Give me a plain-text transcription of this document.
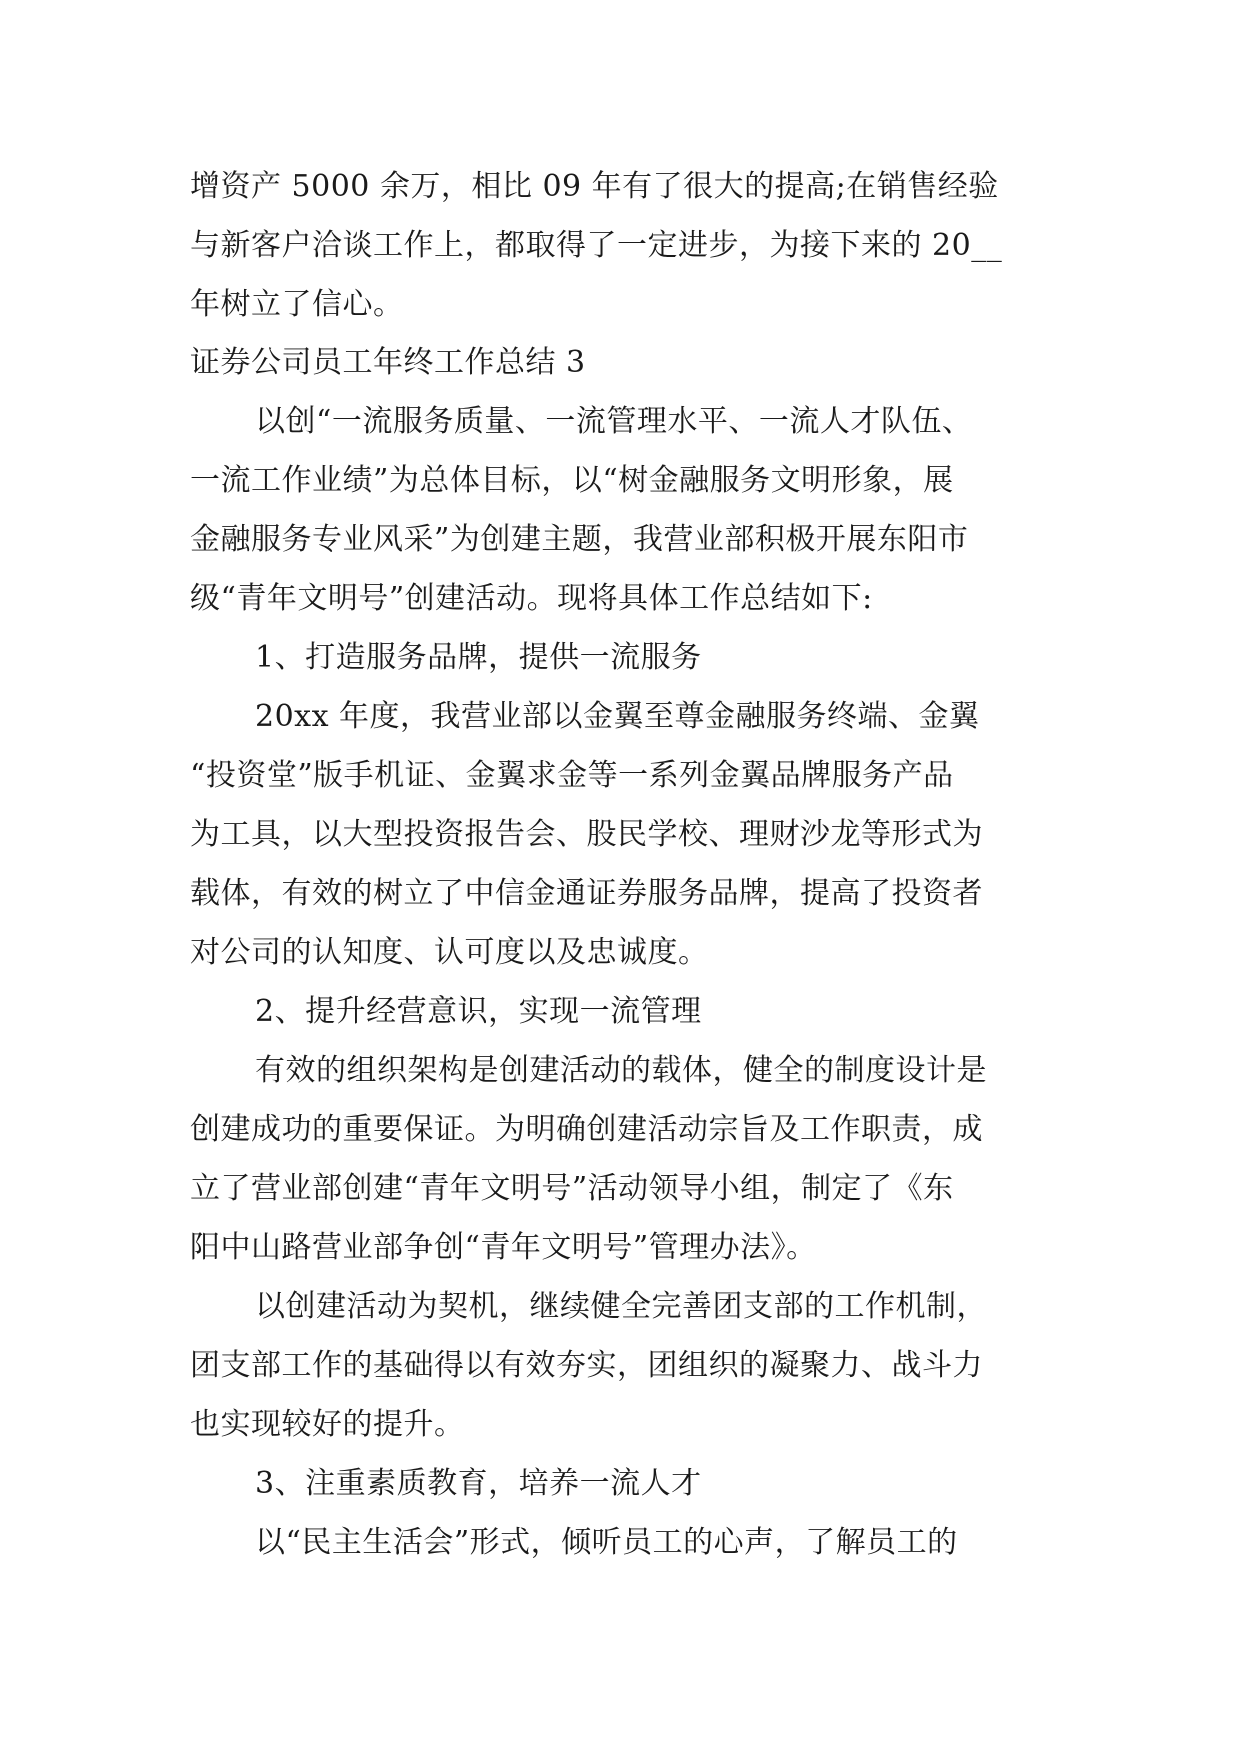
增资产 5000 余万，相比 09 年有了很大的提高;在销售经验

与新客户洽谈工作上，都取得了一定进步，为接下来的 20__

年树立了信心。

证券公司员工年终工作总结 3

以创“一流服务质量、一流管理水平、一流人才队伍、

一流工作业绩”为总体目标，以“树金融服务文明形象，展

金融服务专业风采”为创建主题，我营业部积极开展东阳市

级“青年文明号”创建活动。现将具体工作总结如下:

1、打造服务品牌，提供一流服务

20xx 年度，我营业部以金翼至尊金融服务终端、金翼

“投资堂”版手机证、金翼求金等一系列金翼品牌服务产品

为工具，以大型投资报告会、股民学校、理财沙龙等形式为

载体，有效的树立了中信金通证券服务品牌，提高了投资者

对公司的认知度、认可度以及忠诚度。

2、提升经营意识，实现一流管理

有效的组织架构是创建活动的载体，健全的制度设计是

创建成功的重要保证。为明确创建活动宗旨及工作职责，成

立了营业部创建“青年文明号”活动领导小组，制定了《东

阳中山路营业部争创“青年文明号”管理办法》。

以创建活动为契机，继续健全完善团支部的工作机制，

团支部工作的基础得以有效夯实，团组织的凝聚力、战斗力

也实现较好的提升。

3、注重素质教育，培养一流人才

以“民主生活会”形式，倾听员工的心声，了解员工的
